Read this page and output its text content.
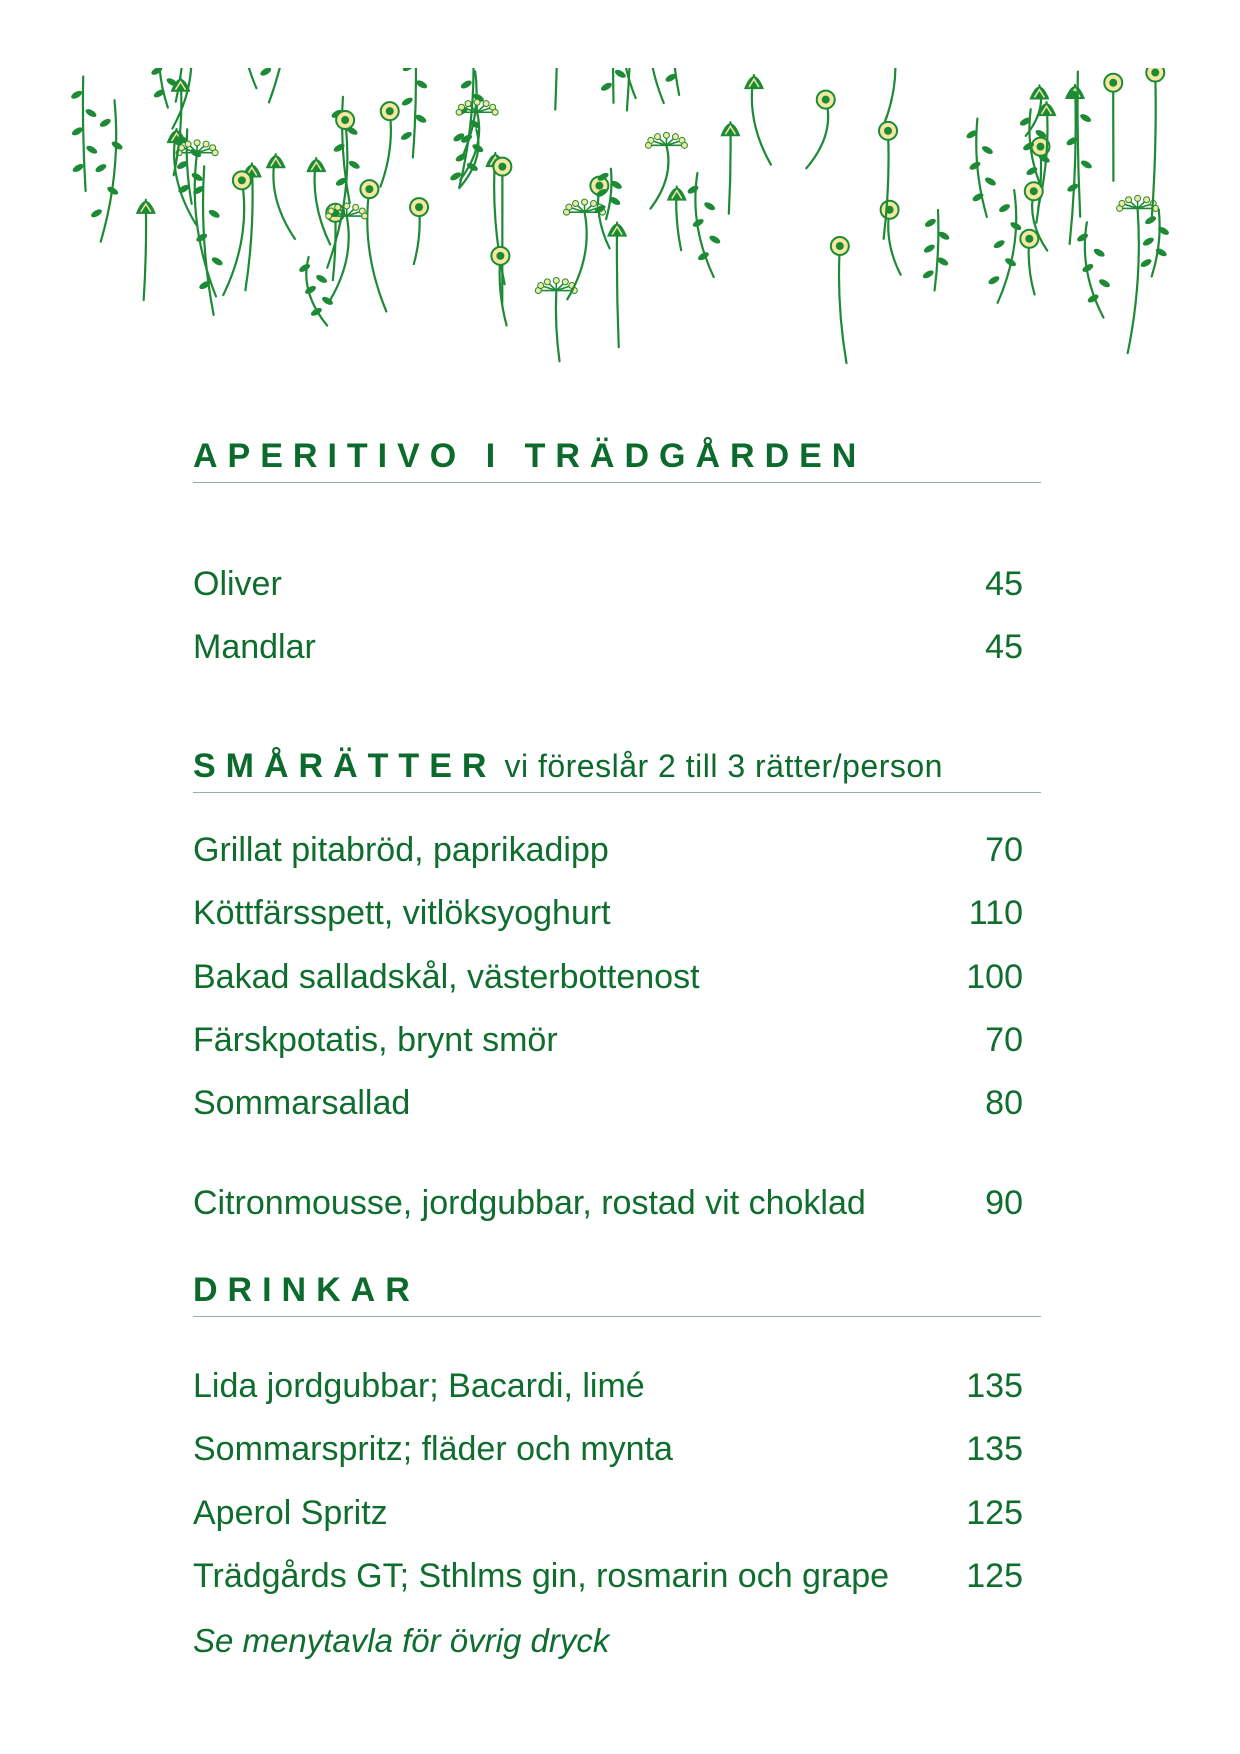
APERITIVO I TRÄDGÅRDEN
Oliver	45
Mandlar	45
SMÅRÄTTER vi föreslår 2 till 3 rätter/person
Grillat pitabröd, paprikadipp	70
Köttfärsspett, vitlöksyoghurt	110
Bakad salladskål, västerbottenost	100
Färskpotatis, brynt smör	70
Sommarsallad	80
Citronmousse, jordgubbar, rostad vit choklad	90
DRINKAR
Lida jordgubbar; Bacardi, limé	135
Sommarspritz; fläder och mynta	135
Aperol Spritz	125
Trädgårds GT; Sthlms gin, rosmarin och grape 125
Se menytavla för övrig dryck
